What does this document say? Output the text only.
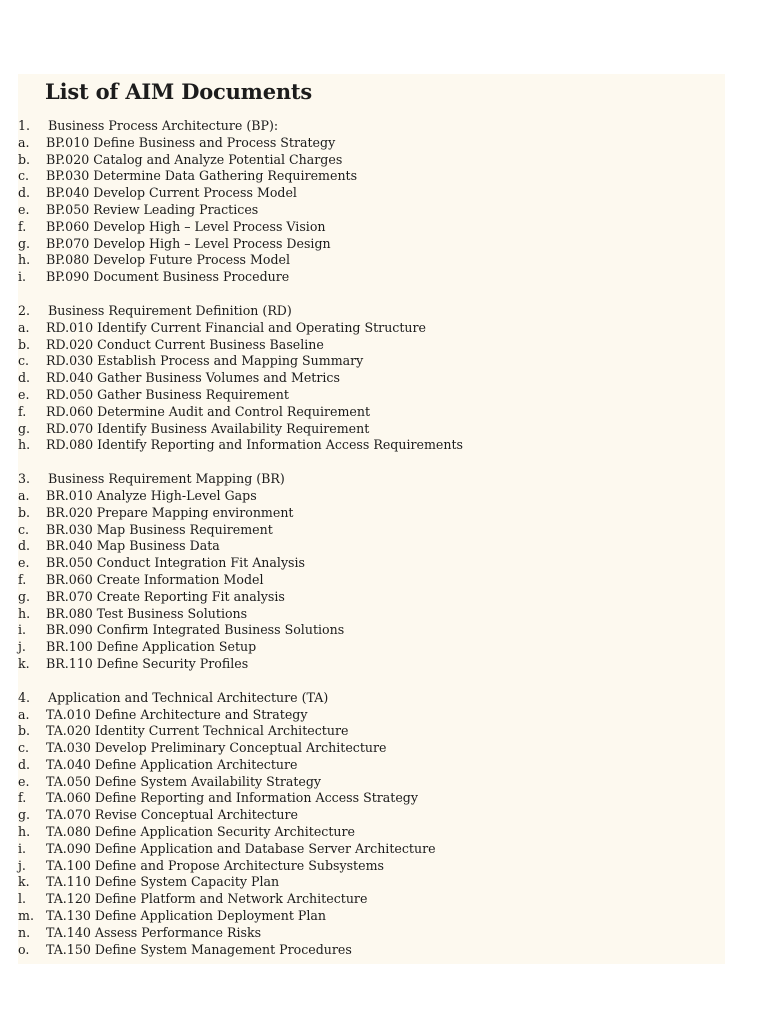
List of AIM Documents
1.	Business Process Architecture (BP):
a.	BP.010 Define Business and Process Strategy
b.	BP.020 Catalog and Analyze Potential Charges
c.	BP.030 Determine Data Gathering Requirements
d.	BP.040 Develop Current Process Model
e.	BP.050 Review Leading Practices
f.	BP.060 Develop High – Level Process Vision
g.	BP.070 Develop High – Level Process Design
h.	BP.080 Develop Future Process Model
i.	BP.090 Document Business Procedure
2.	Business Requirement Definition (RD)
a.	RD.010 Identify Current Financial and Operating Structure
b.	RD.020 Conduct Current Business Baseline
c.	RD.030 Establish Process and Mapping Summary
d.	RD.040 Gather Business Volumes and Metrics
e.	RD.050 Gather Business Requirement
f.	RD.060 Determine Audit and Control Requirement
g.	RD.070 Identify Business Availability Requirement
h.	RD.080 Identify Reporting and Information Access Requirements
3.	Business Requirement Mapping (BR)
a.	BR.010 Analyze High-Level Gaps
b.	BR.020 Prepare Mapping environment
c.	BR.030 Map Business Requirement
d.	BR.040 Map Business Data
e.	BR.050 Conduct Integration Fit Analysis
f.	BR.060 Create Information Model
g.	BR.070 Create Reporting Fit analysis
h.	BR.080 Test Business Solutions
i.	BR.090 Confirm Integrated Business Solutions
j.	BR.100 Define Application Setup
k.	BR.110 Define Security Profiles
4.	Application and Technical Architecture (TA)
a.	TA.010 Define Architecture and Strategy
b.	TA.020 Identity Current Technical Architecture
c.	TA.030 Develop Preliminary Conceptual Architecture
d.	TA.040 Define Application Architecture
e.	TA.050 Define System Availability Strategy
f.	TA.060 Define Reporting and Information Access Strategy
g.	TA.070 Revise Conceptual Architecture
h.	TA.080 Define Application Security Architecture
i.	TA.090 Define Application and Database Server Architecture
j.	TA.100 Define and Propose Architecture Subsystems
k.	TA.110 Define System Capacity Plan
l.	TA.120 Define Platform and Network Architecture
m. TA.130 Define Application Deployment Plan
n.	TA.140 Assess Performance Risks
o.	TA.150 Define System Management Procedures
